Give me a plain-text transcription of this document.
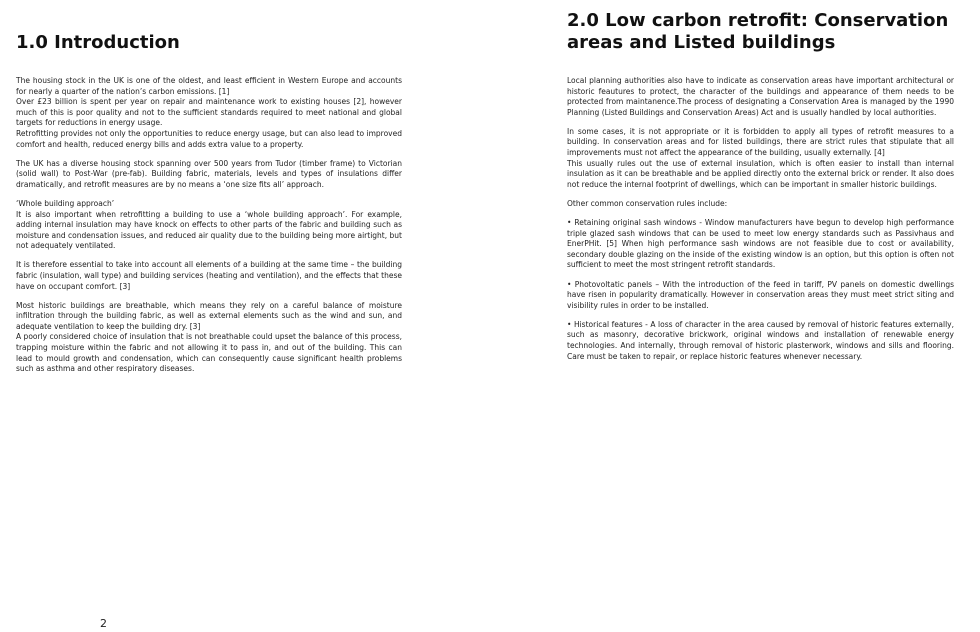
1.0 Introduction

The housing stock in the UK is one of the oldest, and least efficient in Western Europe and accounts for nearly a quarter of the nation’s carbon emissions. [1]

Over £23 billion is spent per year on repair and maintenance work to existing houses [2], however much of this is poor quality and not to the sufficient standards required to meet national and global targets for reductions in energy usage.

Retrofitting provides not only the opportunities to reduce energy usage, but can also lead to improved comfort and health, reduced energy bills and adds extra value to a property.

The UK has a diverse housing stock spanning over 500 years from Tudor (timber frame) to Victorian (solid wall) to Post-War (pre-fab). Building fabric, materials, levels and types of insulations differ dramatically, and retrofit measures are by no means a ‘one size fits all’ approach.

‘Whole building approach’

It is also important when retrofitting a building to use a ‘whole building approach’. For example, adding internal insulation may have knock on effects to other parts of the fabric and building such as moisture and condensation issues, and reduced air quality due to the building being more airtight, but not adequately ventilated.

It is therefore essential to take into account all elements of a building at the same time – the building fabric (insulation, wall type) and building services (heating and ventilation), and the effects that these have on occupant comfort. [3]

Most historic buildings are breathable, which means they rely on a careful balance of moisture infiltration through the building fabric, as well as external elements such as the wind and sun, and adequate ventilation to keep the building dry. [3]

A poorly considered choice of insulation that is not breathable could upset the balance of this process, trapping moisture within the fabric and not allowing it to pass in, and out of the building. This can lead to mould growth and condensation, which can consequently cause significant health problems such as asthma and other respiratory diseases.

2
2.0 Low carbon retrofit: Conservation areas and Listed buildings

Local planning authorities also have to indicate as conservation areas have important architectural or historic feautures to protect, the character of the buildings and appearance of them needs to be protected from maintanence.The process of designating a Conservation Area is managed by the 1990 Planning (Listed Buildings and Conservation Areas) Act and is usually handled by local authorities.

In some cases, it is not appropriate or it is forbidden to apply all types of retrofit measures to a building. In conservation areas and for listed buildings, there are strict rules that stipulate that all improvements must not affect the appearance of the building, usually externally. [4]

This usually rules out the use of external insulation, which is often easier to install than internal insulation as it can be breathable and be applied directly onto the external brick or render. It also does not reduce the internal footprint of dwellings, which can be important in smaller historic buildings.

Other common conservation rules include:

• Retaining original sash windows - Window manufacturers have begun to develop high performance triple glazed sash windows that can be used to meet low energy standards such as Passivhaus and EnerPHit. [5] When high performance sash windows are not feasible due to cost or availability, secondary double glazing on the inside of the existing window is an option, but this option is often not sufficient to meet the most stringent retrofit standards.

• Photovoltatic panels – With the introduction of the feed in tariff, PV panels on domestic dwellings have risen in popularity dramatically. However in conservation areas they must meet strict siting and visibility rules in order to be installed.

• Historical features - A loss of character in the area caused by removal of historic features externally, such as masonry, decorative brickwork, original windows and installation of renewable energy technologies. And internally, through removal of historic plasterwork, windows and sills and flooring. Care must be taken to repair, or replace historic features whenever necessary.
